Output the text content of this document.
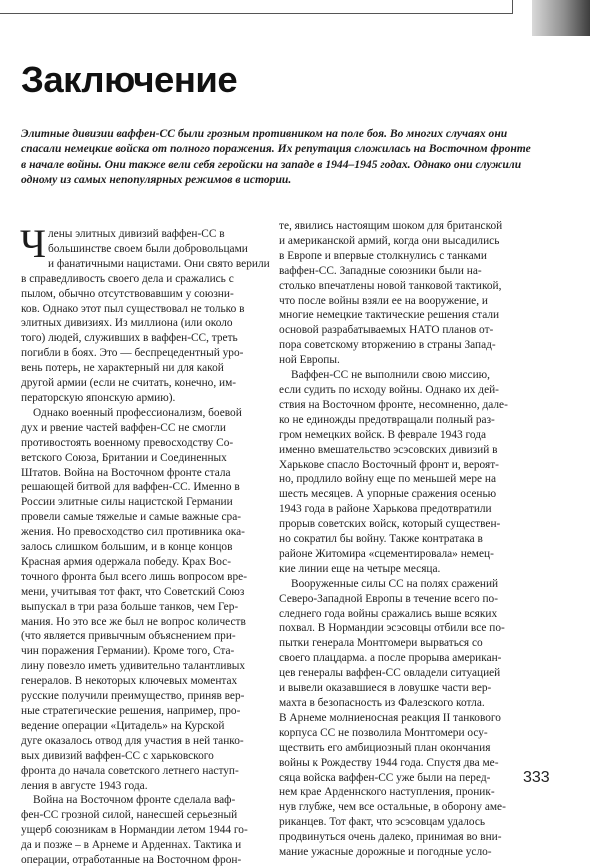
Заключение

Элитные дивизии ваффен-СС были грозным противником на поле боя. Во многих случаях они спасали немецкие войска от полного поражения. Их репутация сложилась на Восточном фронте в начале войны. Они также вели себя геройски на западе в 1944–1945 годах. Однако они служили одному из самых непопулярных режимов в истории.

Ч лены элитных дивизий ваффен-СС в
большинстве своем были добровольцами
и фанатичными нацистами. Они свято верили
в справедливость своего дела и сражались с
пылом, обычно отсутствовавшим у союзни-
ков. Однако этот пыл существовал не только в
элитных дивизиях. Из миллиона (или около
того) людей, служивших в ваффен-СС, треть
погибли в боях. Это — беспрецедентный уро-
вень потерь, не характерный ни для какой
другой армии (если не считать, конечно, им-
ператорскую японскую армию).
Однако военный профессионализм, боевой
дух и рвение частей ваффен-СС не смогли
противостоять военному превосходству Со-
ветского Союза, Британии и Соединенных
Штатов. Война на Восточном фронте стала
решающей битвой для ваффен-СС. Именно в
России элитные силы нацистской Германии
провели самые тяжелые и самые важные сра-
жения. Но превосходство сил противника ока-
залось слишком большим, и в конце концов
Красная армия одержала победу. Крах Вос-
точного фронта был всего лишь вопросом вре-
мени, учитывая тот факт, что Советский Союз
выпускал в три раза больше танков, чем Гер-
мания. Но это все же был не вопрос количеств
(что является привычным объяснением при-
чин поражения Германии). Кроме того, Ста-
лину повезло иметь удивительно талантливых
генералов. В некоторых ключевых моментах
русские получили преимущество, приняв вер-
ные стратегические решения, например, про-
ведение операции «Цитадель» на Курской
дуге оказалось отвод для участия в ней танко-
вых дивизий ваффен-СС с харьковского
фронта до начала советского летнего наступ-
ления в августе 1943 года.
Война на Восточном фронте сделала ваф-
фен-СС грозной силой, нанесшей серьезный
ущерб союзникам в Нормандии летом 1944 го-
да и позже – в Арнеме и Арденнах. Тактика и
операции, отработанные на Восточном фрон-
те, явились настоящим шоком для британской
и американской армий, когда они высадились
в Европе и впервые столкнулись с танками
ваффен-СС. Западные союзники были на-
столько впечатлены новой танковой тактикой,
что после войны взяли ее на вооружение, и
многие немецкие тактические решения стали
основой разрабатываемых НАТО планов от-
пора советскому вторжению в страны Запад-
ной Европы.
Ваффен-СС не выполнили свою миссию,
если судить по исходу войны. Однако их дей-
ствия на Восточном фронте, несомненно, дале-
ко не единожды предотвращали полный раз-
гром немецких войск. В феврале 1943 года
именно вмешательство эсэсовских дивизий в
Харькове спасло Восточный фронт и, вероят-
но, продлило войну еще по меньшей мере на
шесть месяцев. А упорные сражения осенью
1943 года в районе Харькова предотвратили
прорыв советских войск, который существен-
но сократил бы войну. Также контратака в
районе Житомира «сцементировала» немец-
кие линии еще на четыре месяца.
Вооруженные силы СС на полях сражений
Северо-Западной Европы в течение всего по-
следнего года войны сражались выше всяких
похвал. В Нормандии эсэсовцы отбили все по-
пытки генерала Монтгомери вырваться со
своего плацдарма. а после прорыва американ-
цев генералы ваффен-СС овладели ситуацией
и вывели оказавшиеся в ловушке части вер-
махта в безопасность из Фалезского котла.
В Арнеме молниеносная реакция II танкового
корпуса СС не позволила Монтгомери осу-
ществить его амбициозный план окончания
войны к Рождеству 1944 года. Спустя два ме-
сяца войска ваффен-СС уже были на перед-
нем крае Арденнского наступления, проник-
нув глубже, чем все остальные, в оборону аме-
риканцев. Тот факт, что эсэсовцам удалось
продвинуться очень далеко, принимая во вни-
мание ужасные дорожные и погодные усло-
333
